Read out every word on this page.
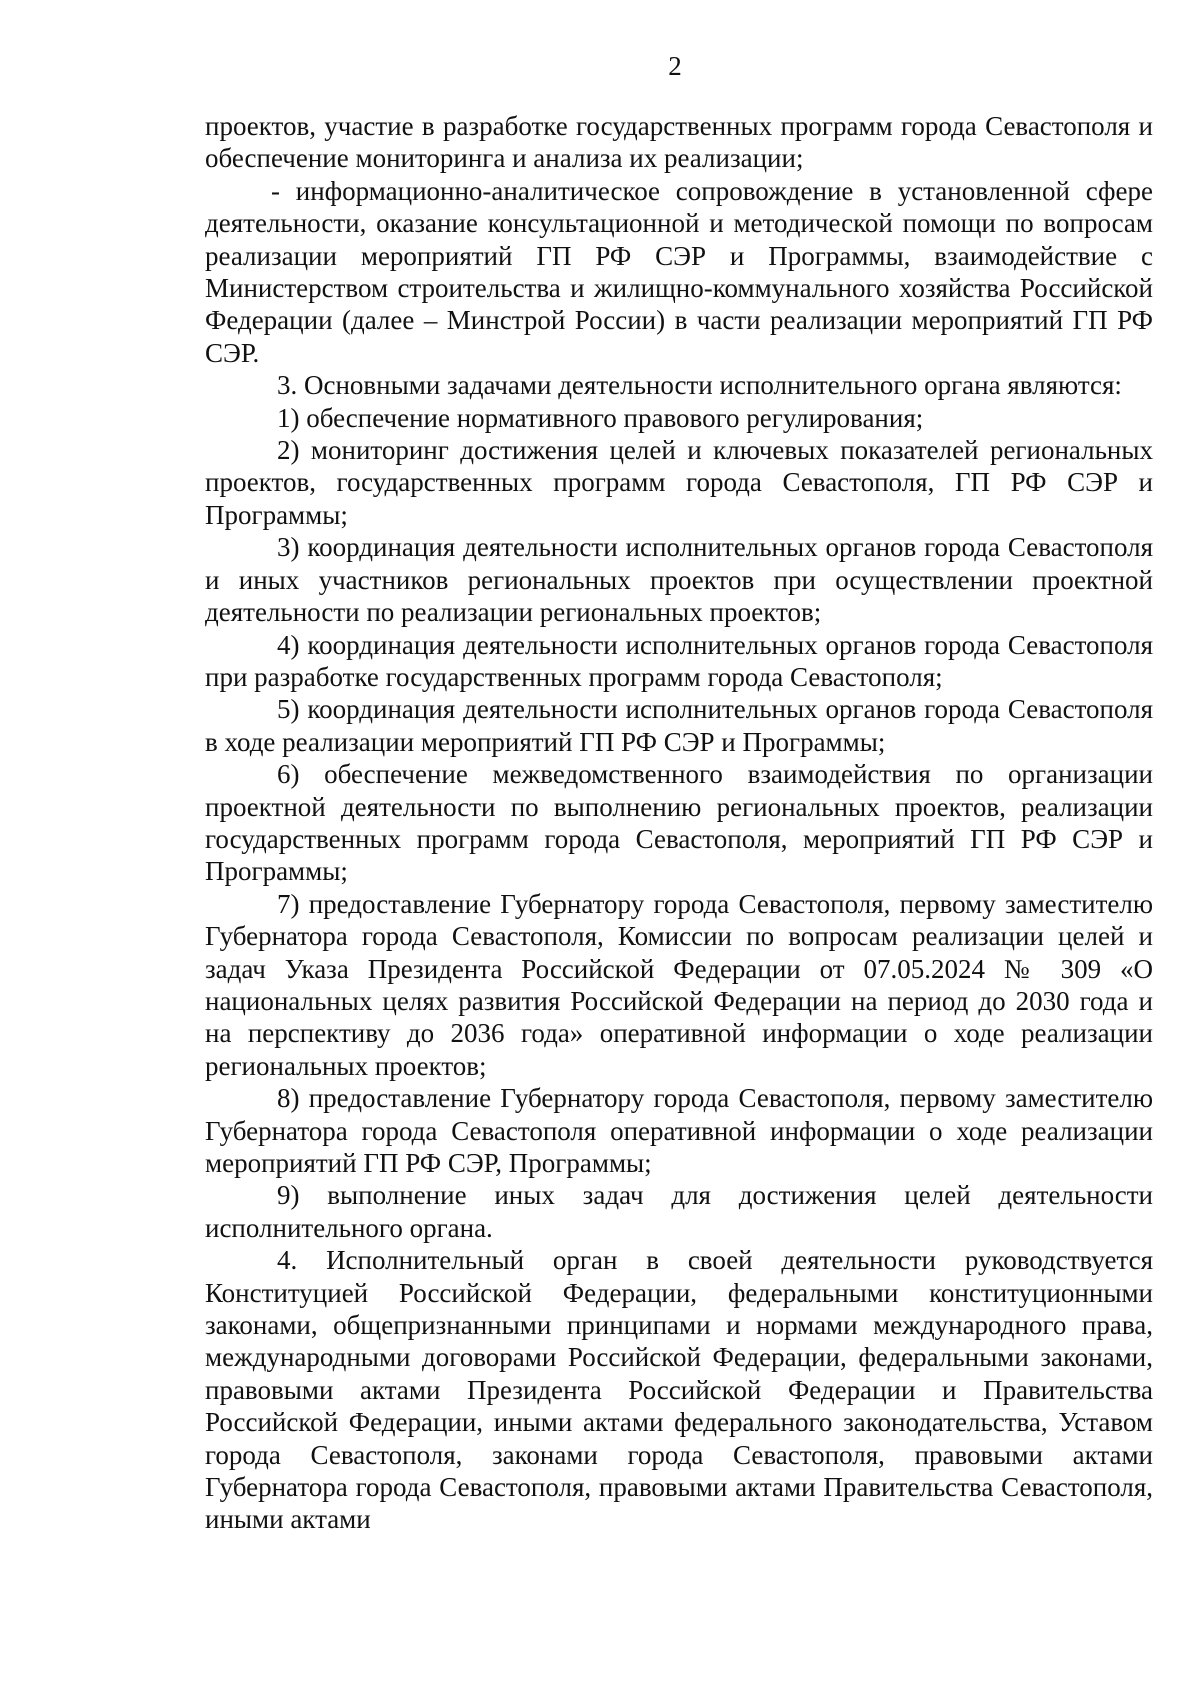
2

проектов, участие в разработке государственных программ города Севастополя и обеспечение мониторинга и анализа их реализации;

- информационно-аналитическое сопровождение в установленной сфере деятельности, оказание консультационной и методической помощи по вопросам реализации мероприятий ГП РФ СЭР и Программы, взаимодействие с Министерством строительства и жилищно-коммунального хозяйства Российской Федерации (далее – Минстрой России) в части реализации мероприятий ГП РФ СЭР.

3. Основными задачами деятельности исполнительного органа являются:

1) обеспечение нормативного правового регулирования;

2) мониторинг достижения целей и ключевых показателей региональных проектов, государственных программ города Севастополя, ГП РФ СЭР и Программы;

3) координация деятельности исполнительных органов города Севастополя и иных участников региональных проектов при осуществлении проектной деятельности по реализации региональных проектов;

4) координация деятельности исполнительных органов города Севастополя при разработке государственных программ города Севастополя;

5) координация деятельности исполнительных органов города Севастополя в ходе реализации мероприятий ГП РФ СЭР и Программы;

6) обеспечение межведомственного взаимодействия по организации проектной деятельности по выполнению региональных проектов, реализации государственных программ города Севастополя, мероприятий ГП РФ СЭР и Программы;

7) предоставление Губернатору города Севастополя, первому заместителю Губернатора города Севастополя, Комиссии по вопросам реализации целей и задач Указа Президента Российской Федерации от 07.05.2024 № 309 «О национальных целях развития Российской Федерации на период до 2030 года и на перспективу до 2036 года» оперативной информации о ходе реализации региональных проектов;

8) предоставление Губернатору города Севастополя, первому заместителю Губернатора города Севастополя оперативной информации о ходе реализации мероприятий ГП РФ СЭР, Программы;

9) выполнение иных задач для достижения целей деятельности исполнительного органа.

4. Исполнительный орган в своей деятельности руководствуется Конституцией Российской Федерации, федеральными конституционными законами, общепризнанными принципами и нормами международного права, международными договорами Российской Федерации, федеральными законами, правовыми актами Президента Российской Федерации и Правительства Российской Федерации, иными актами федерального законодательства, Уставом города Севастополя, законами города Севастополя, правовыми актами Губернатора города Севастополя, правовыми актами Правительства Севастополя, иными актами
